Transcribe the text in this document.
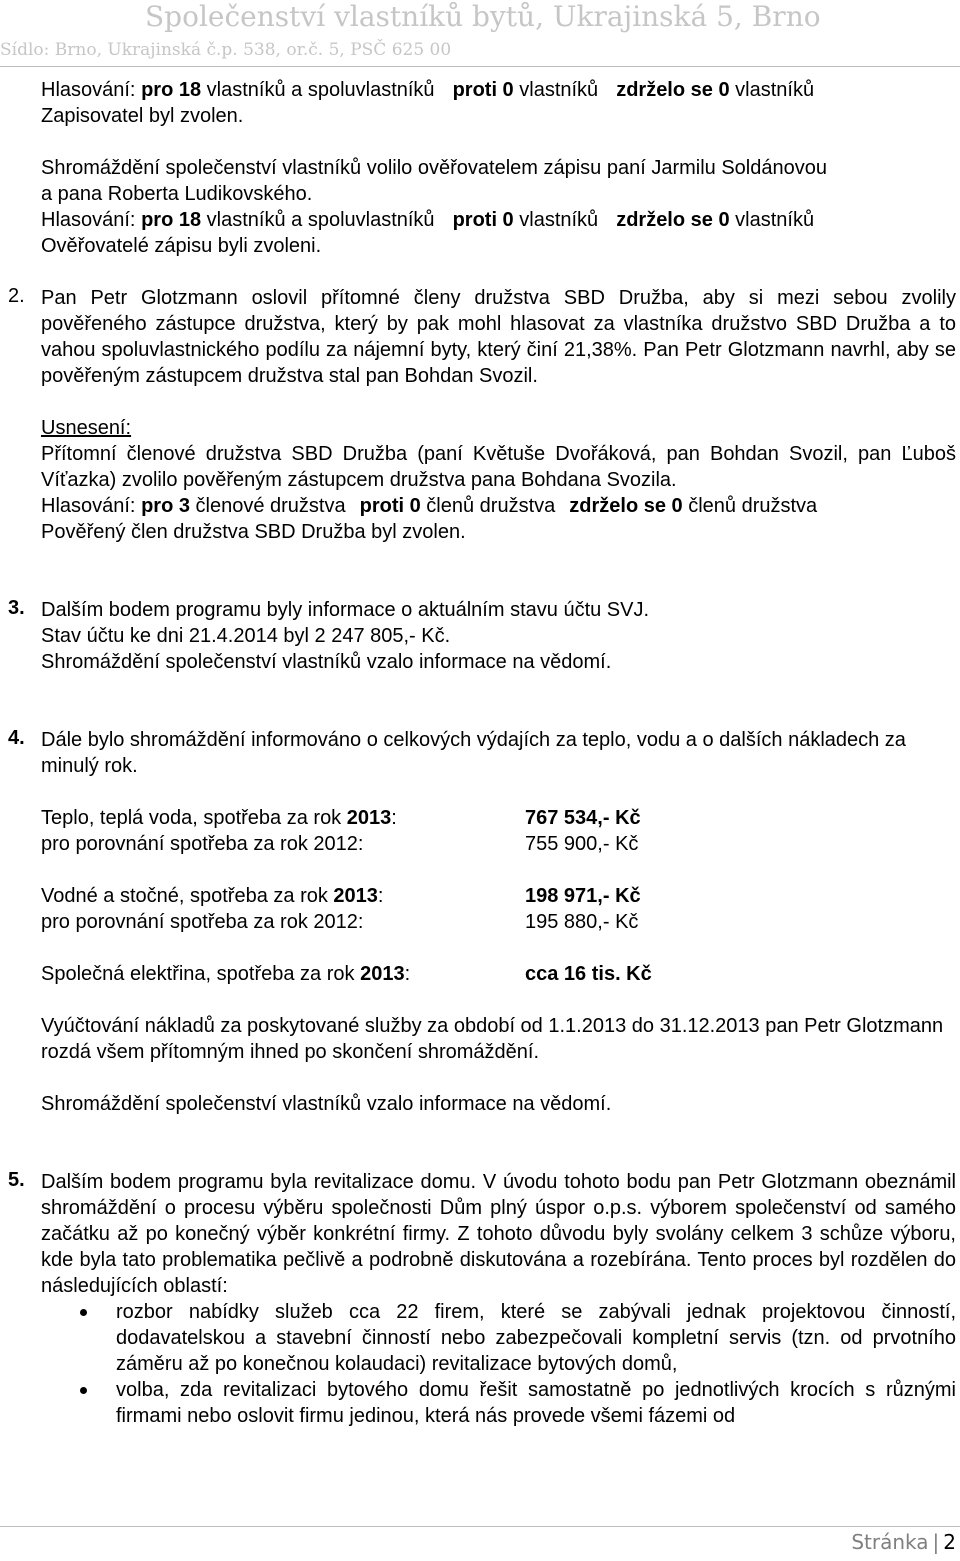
Společenství vlastníků bytů, Ukrajinská 5, Brno
Sídlo: Brno, Ukrajinská č.p. 538, or.č. 5, PSČ 625 00

Hlasování: pro 18 vlastníků a spoluvlastníků proti 0 vlastníků zdrželo se 0 vlastníků

Zapisovatel byl zvolen.

Shromáždění společenství vlastníků volilo ověřovatelem zápisu paní Jarmilu Soldánovou

a pana Roberta Ludikovského.

Hlasování: pro 18 vlastníků a spoluvlastníků proti 0 vlastníků zdrželo se 0 vlastníků

Ověřovatelé zápisu byli zvoleni.

2. Pan Petr Glotzmann oslovil přítomné členy družstva SBD Družba, aby si mezi sebou zvolily pověřeného zástupce družstva, který by pak mohl hlasovat za vlastníka družstvo SBD Družba a to vahou spoluvlastnického podílu za nájemní byty, který činí 21,38%. Pan Petr Glotzmann navrhl, aby se pověřeným zástupcem družstva stal pan Bohdan Svozil.

Usnesení:

Přítomní členové družstva SBD Družba (paní Květuše Dvořáková, pan Bohdan Svozil, pan Ľuboš Víťazka) zvolilo pověřeným zástupcem družstva pana Bohdana Svozila.

Hlasování: pro 3 členové družstva proti 0 členů družstva zdrželo se 0 členů družstva

Pověřený člen družstva SBD Družba byl zvolen.

3. Dalším bodem programu byly informace o aktuálním stavu účtu SVJ.

Stav účtu ke dni 21.4.2014 byl 2 247 805,- Kč.

Shromáždění společenství vlastníků vzalo informace na vědomí.

4. Dále bylo shromáždění informováno o celkových výdajích za teplo, vodu a o dalších nákladech za minulý rok.

Teplo, teplá voda, spotřeba za rok 2013:	767 534,- Kč
pro porovnání spotřeba za rok 2012:	755 900,- Kč
Vodné a stočné, spotřeba za rok 2013:	198 971,- Kč
pro porovnání spotřeba za rok 2012:	195 880,- Kč
Společná elektřina, spotřeba za rok 2013:	cca 16 tis. Kč

Vyúčtování nákladů za poskytované služby za období od 1.1.2013 do 31.12.2013 pan Petr Glotzmann rozdá všem přítomným ihned po skončení shromáždění.

Shromáždění společenství vlastníků vzalo informace na vědomí.

5. Dalším bodem programu byla revitalizace domu. V úvodu tohoto bodu pan Petr Glotzmann obeznámil shromáždění o procesu výběru společnosti Dům plný úspor o.p.s. výborem společenství od samého začátku až po konečný výběr konkrétní firmy. Z tohoto důvodu byly svolány celkem 3 schůze výboru, kde byla tato problematika pečlivě a podrobně diskutována a rozebírána. Tento proces byl rozdělen do následujících oblastí:

rozbor nabídky služeb cca 22 firem, které se zabývali jednak projektovou činností, dodavatelskou a stavební činností nebo zabezpečovali kompletní servis (tzn. od prvotního záměru až po konečnou kolaudaci) revitalizace bytových domů,
volba, zda revitalizaci bytového domu řešit samostatně po jednotlivých krocích s různými firmami nebo oslovit firmu jedinou, která nás provede všemi fázemi od
Stránka | 2
